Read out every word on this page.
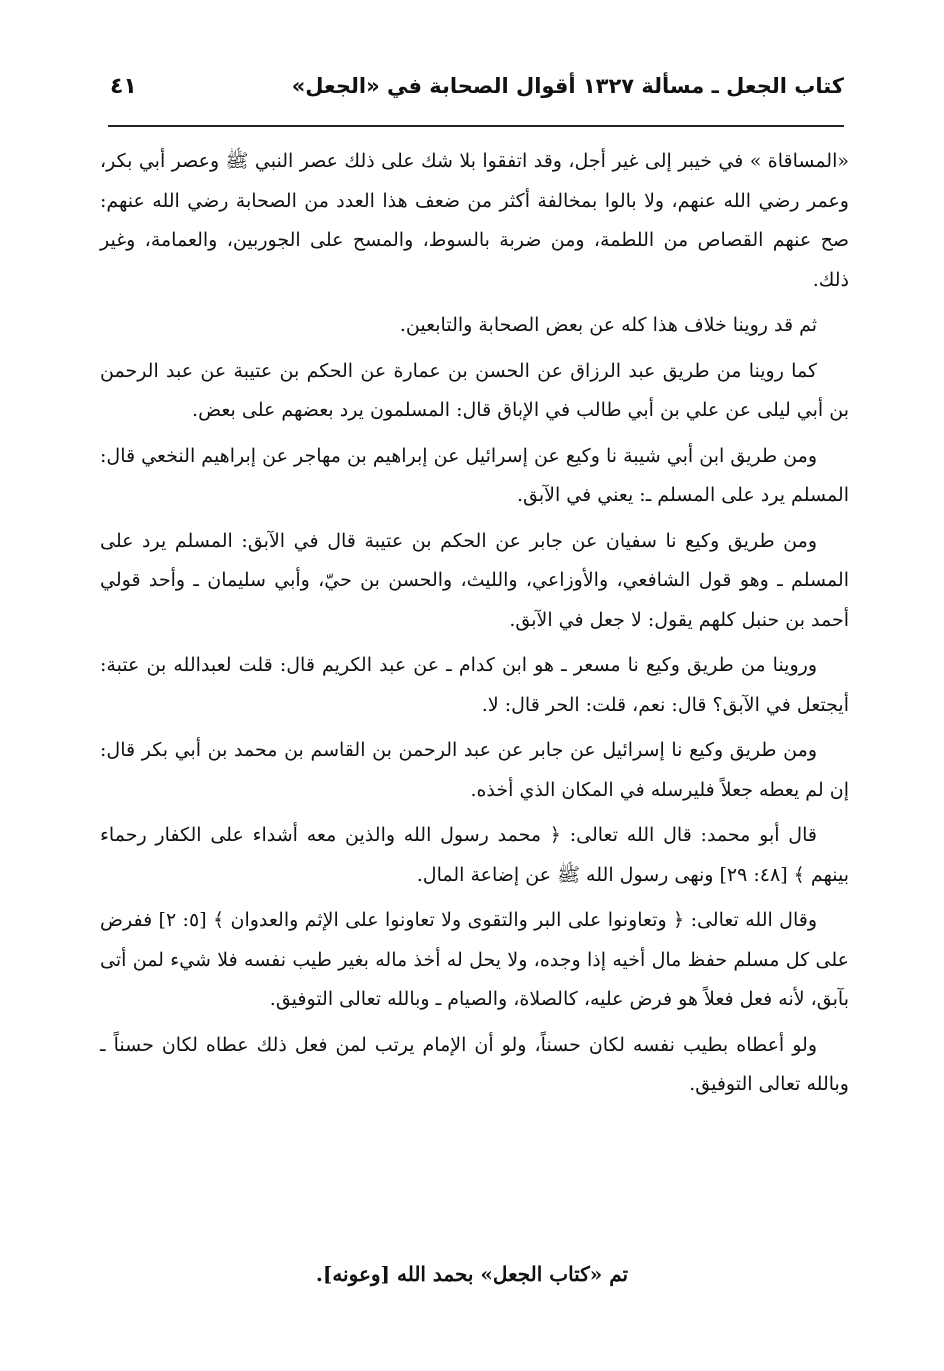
كتاب الجعل ـ مسألة ١٣٢٧ أقوال الصحابة في «الجعل»
٤١

«المساقاة » في خيبر إلى غير أجل، وقد اتفقوا بلا شك على ذلك عصر النبي ﷺ وعصر أبي بكر، وعمر رضي الله عنهم، ولا بالوا بمخالفة أكثر من ضعف هذا العدد من الصحابة رضي الله عنهم: صح عنهم القصاص من اللطمة، ومن ضربة بالسوط، والمسح على الجوربين، والعمامة، وغير ذلك.

ثم قد روينا خلاف هذا كله عن بعض الصحابة والتابعين.

كما روينا من طريق عبد الرزاق عن الحسن بن عمارة عن الحكم بن عتيبة عن عبد الرحمن بن أبي ليلى عن علي بن أبي طالب في الإباق قال: المسلمون يرد بعضهم على بعض.

ومن طريق ابن أبي شيبة نا وكيع عن إسرائيل عن إبراهيم بن مهاجر عن إبراهيم النخعي قال: المسلم يرد على المسلم ـ: يعني في الآبق.

ومن طريق وكيع نا سفيان عن جابر عن الحكم بن عتيبة قال في الآبق: المسلم يرد على المسلم ـ وهو قول الشافعي، والأوزاعي، والليث، والحسن بن حيّ، وأبي سليمان ـ وأحد قولي أحمد بن حنبل كلهم يقول: لا جعل في الآبق.

وروينا من طريق وكيع نا مسعر ـ هو ابن كدام ـ عن عبد الكريم قال: قلت لعبدالله بن عتبة: أيجتعل في الآبق؟ قال: نعم، قلت: الحر قال: لا.

ومن طريق وكيع نا إسرائيل عن جابر عن عبد الرحمن بن القاسم بن محمد بن أبي بكر قال: إن لم يعطه جعلاً فليرسله في المكان الذي أخذه.

قال أبو محمد: قال الله تعالى: ﴿ محمد رسول الله والذين معه أشداء على الكفار رحماء بينهم ﴾ [٤٨: ٢٩] ونهى رسول الله ﷺ عن إضاعة المال.

وقال الله تعالى: ﴿ وتعاونوا على البر والتقوى ولا تعاونوا على الإثم والعدوان ﴾ [٥: ٢] ففرض على كل مسلم حفظ مال أخيه إذا وجده، ولا يحل له أخذ ماله بغير طيب نفسه فلا شيء لمن أتى بآبق، لأنه فعل فعلاً هو فرض عليه، كالصلاة، والصيام ـ وبالله تعالى التوفيق.

ولو أعطاه بطيب نفسه لكان حسناً، ولو أن الإمام يرتب لمن فعل ذلك عطاه لكان حسناً ـ وبالله تعالى التوفيق.

تم «كتاب الجعل» بحمد الله [وعونه].
